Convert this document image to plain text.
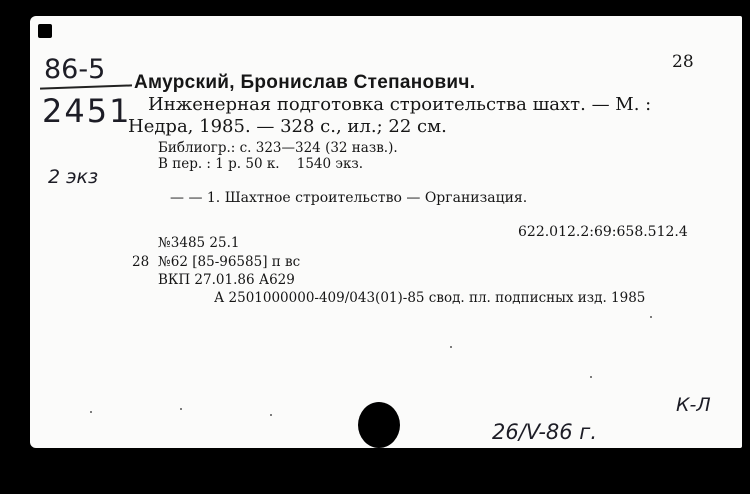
86-5
2451
2 экз
28
Амурский, Бронислав Степанович.
Инженерная подготовка строительства шахт. — М. :
Недра, 1985. — 328 с., ил.; 22 см.
Библиогр.: с. 323—324 (32 назв.).
В пер. : 1 р. 50 к.    1540 экз.
— — 1. Шахтное строительство — Организация.
622.012.2:69:658.512.4
№3485 25.1
28 №62 [85-96585] п вс
ВКП 27.01.86 А629
А 2501000000-409/043(01)-85 свод. пл. подписных изд. 1985
К-Л
26/V-86 г.
